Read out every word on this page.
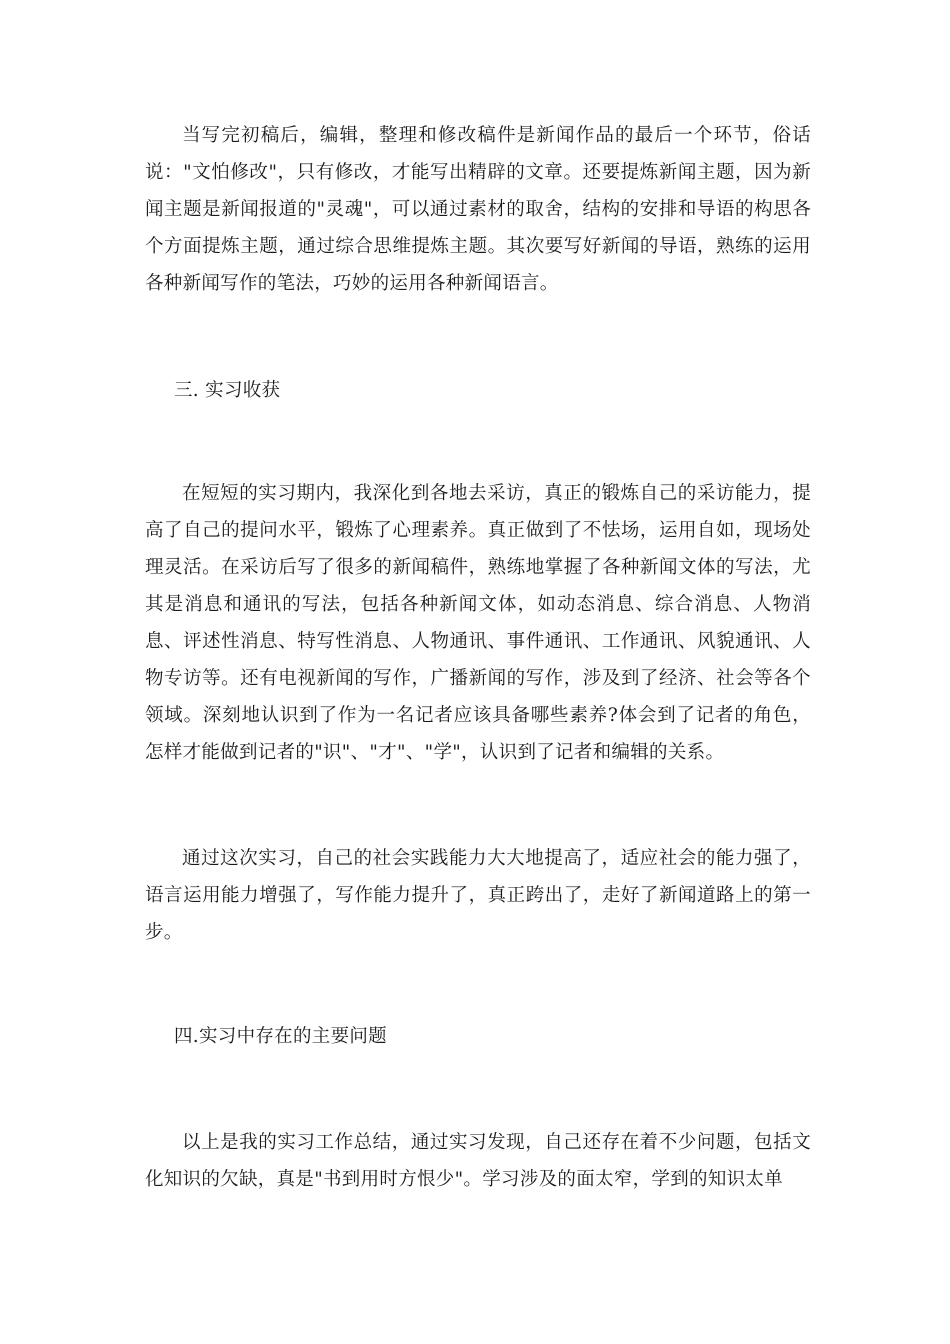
当写完初稿后，编辑，整理和修改稿件是新闻作品的最后一个环节，俗话说："文怕修改"，只有修改，才能写出精辟的文章。还要提炼新闻主题，因为新闻主题是新闻报道的"灵魂"，可以通过素材的取舍，结构的安排和导语的构思各个方面提炼主题，通过综合思维提炼主题。其次要写好新闻的导语，熟练的运用各种新闻写作的笔法，巧妙的运用各种新闻语言。

三. 实习收获

在短短的实习期内，我深化到各地去采访，真正的锻炼自己的采访能力，提高了自己的提问水平，锻炼了心理素养。真正做到了不怯场，运用自如，现场处理灵活。在采访后写了很多的新闻稿件，熟练地掌握了各种新闻文体的写法，尤其是消息和通讯的写法，包括各种新闻文体，如动态消息、综合消息、人物消息、评述性消息、特写性消息、人物通讯、事件通讯、工作通讯、风貌通讯、人物专访等。还有电视新闻的写作，广播新闻的写作，涉及到了经济、社会等各个领域。深刻地认识到了作为一名记者应该具备哪些素养?体会到了记者的角色，怎样才能做到记者的"识"、"才"、"学"，认识到了记者和编辑的关系。

通过这次实习，自己的社会实践能力大大地提高了，适应社会的能力强了，语言运用能力增强了，写作能力提升了，真正跨出了，走好了新闻道路上的第一步。

四.实习中存在的主要问题

以上是我的实习工作总结，通过实习发现，自己还存在着不少问题，包括文化知识的欠缺，真是"书到用时方恨少"。学习涉及的面太窄，学到的知识太单
